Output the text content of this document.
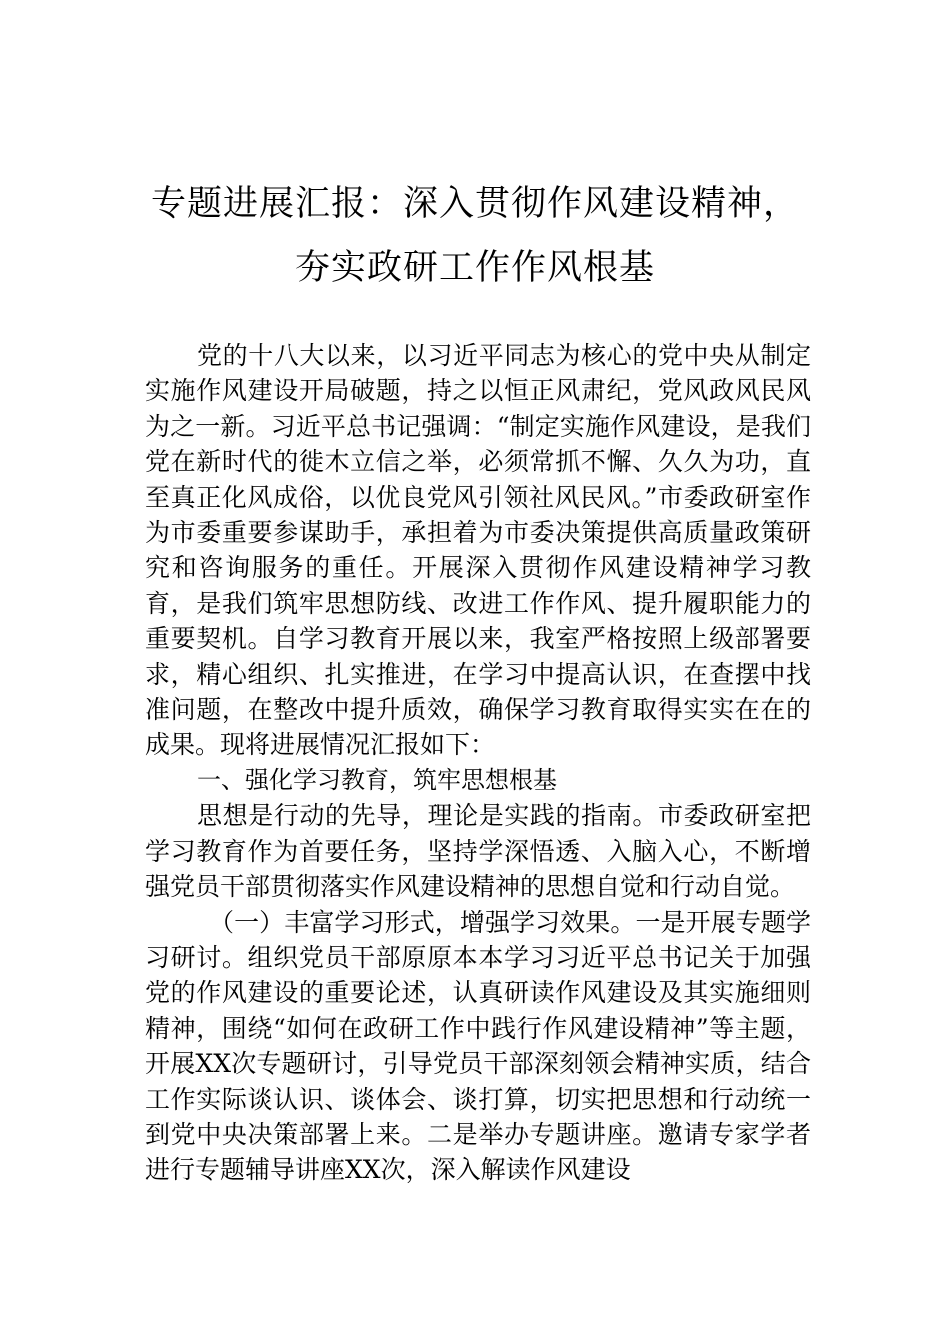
专题进展汇报：深入贯彻作风建设精神，
夯实政研工作作风根基

党的十八大以来，以习近平同志为核心的党中央从制定实施作风建设开局破题，持之以恒正风肃纪，党风政风民风为之一新。习近平总书记强调：“制定实施作风建设，是我们党在新时代的徙木立信之举，必须常抓不懈、久久为功，直至真正化风成俗，以优良党风引领社风民风。”市委政研室作为市委重要参谋助手，承担着为市委决策提供高质量政策研究和咨询服务的重任。开展深入贯彻作风建设精神学习教育，是我们筑牢思想防线、改进工作作风、提升履职能力的重要契机。自学习教育开展以来，我室严格按照上级部署要求，精心组织、扎实推进，在学习中提高认识，在查摆中找准问题，在整改中提升质效，确保学习教育取得实实在在的成果。现将进展情况汇报如下：

一、强化学习教育，筑牢思想根基

思想是行动的先导，理论是实践的指南。市委政研室把学习教育作为首要任务，坚持学深悟透、入脑入心，不断增强党员干部贯彻落实作风建设精神的思想自觉和行动自觉。

（一）丰富学习形式，增强学习效果。一是开展专题学习研讨。组织党员干部原原本本学习习近平总书记关于加强党的作风建设的重要论述，认真研读作风建设及其实施细则精神，围绕“如何在政研工作中践行作风建设精神”等主题，开展XX次专题研讨，引导党员干部深刻领会精神实质，结合工作实际谈认识、谈体会、谈打算，切实把思想和行动统一到党中央决策部署上来。二是举办专题讲座。邀请专家学者进行专题辅导讲座XX次，深入解读作风建设
